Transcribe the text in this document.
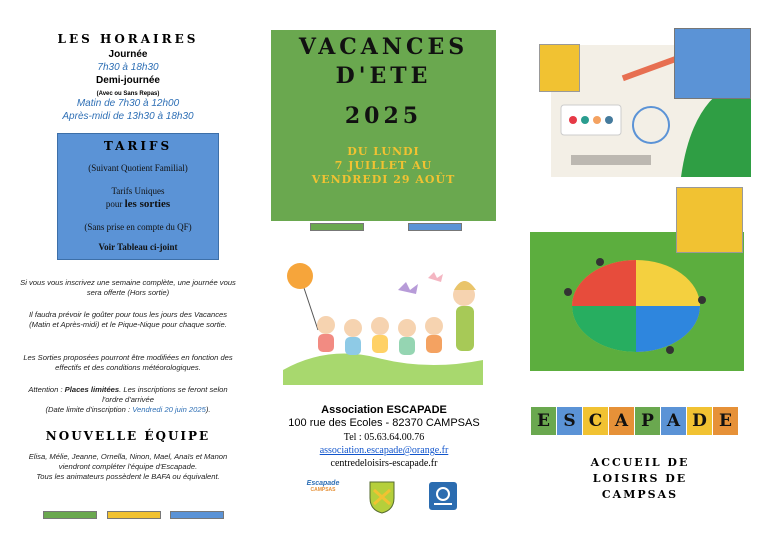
LES HORAIRES
Journée
7h30 à 18h30
Demi-journée
(Avec ou Sans Repas)
Matin de 7h30 à 12h00
Après-midi de 13h30 à 18h30
TARIFS
(Suivant Quotient Familial)
Tarifs Uniques
pour les sorties
(Sans prise en compte du QF)
Voir Tableau ci-joint
Si vous vous inscrivez une semaine complète, une journée vous sera offerte (Hors sortie)
Il faudra prévoir le goûter pour tous les jours des Vacances (Matin et Après-midi) et le Pique-Nique pour chaque sortie.
Les Sorties proposées pourront être modifiées en fonction des effectifs et des conditions météorologiques.
Attention : Places limitées. Les inscriptions se feront selon l'ordre d'arrivée
(Date limite d'inscription : Vendredi 20 juin 2025).
NOUVELLE ÉQUIPE
Elisa, Mélie, Jeanne, Ornella, Ninon, Mael, Anaïs et Manon viendront compléter l'équipe d'Escapade.
Tous les animateurs possèdent le BAFA ou équivalent.
VACANCES
D'ETE
2025
DU LUNDI
7 JUILLET AU
VENDREDI 29 AOÛT
Association ESCAPADE
100 rue des Ecoles - 82370 CAMPSAS
Tel : 05.63.64.00.76
association.escapade@orange.fr
centredeloisirs-escapade.fr
Escapade
CAMPSAS
E S C A P A D E
ACCUEIL DE
LOISIRS DE
CAMPSAS
